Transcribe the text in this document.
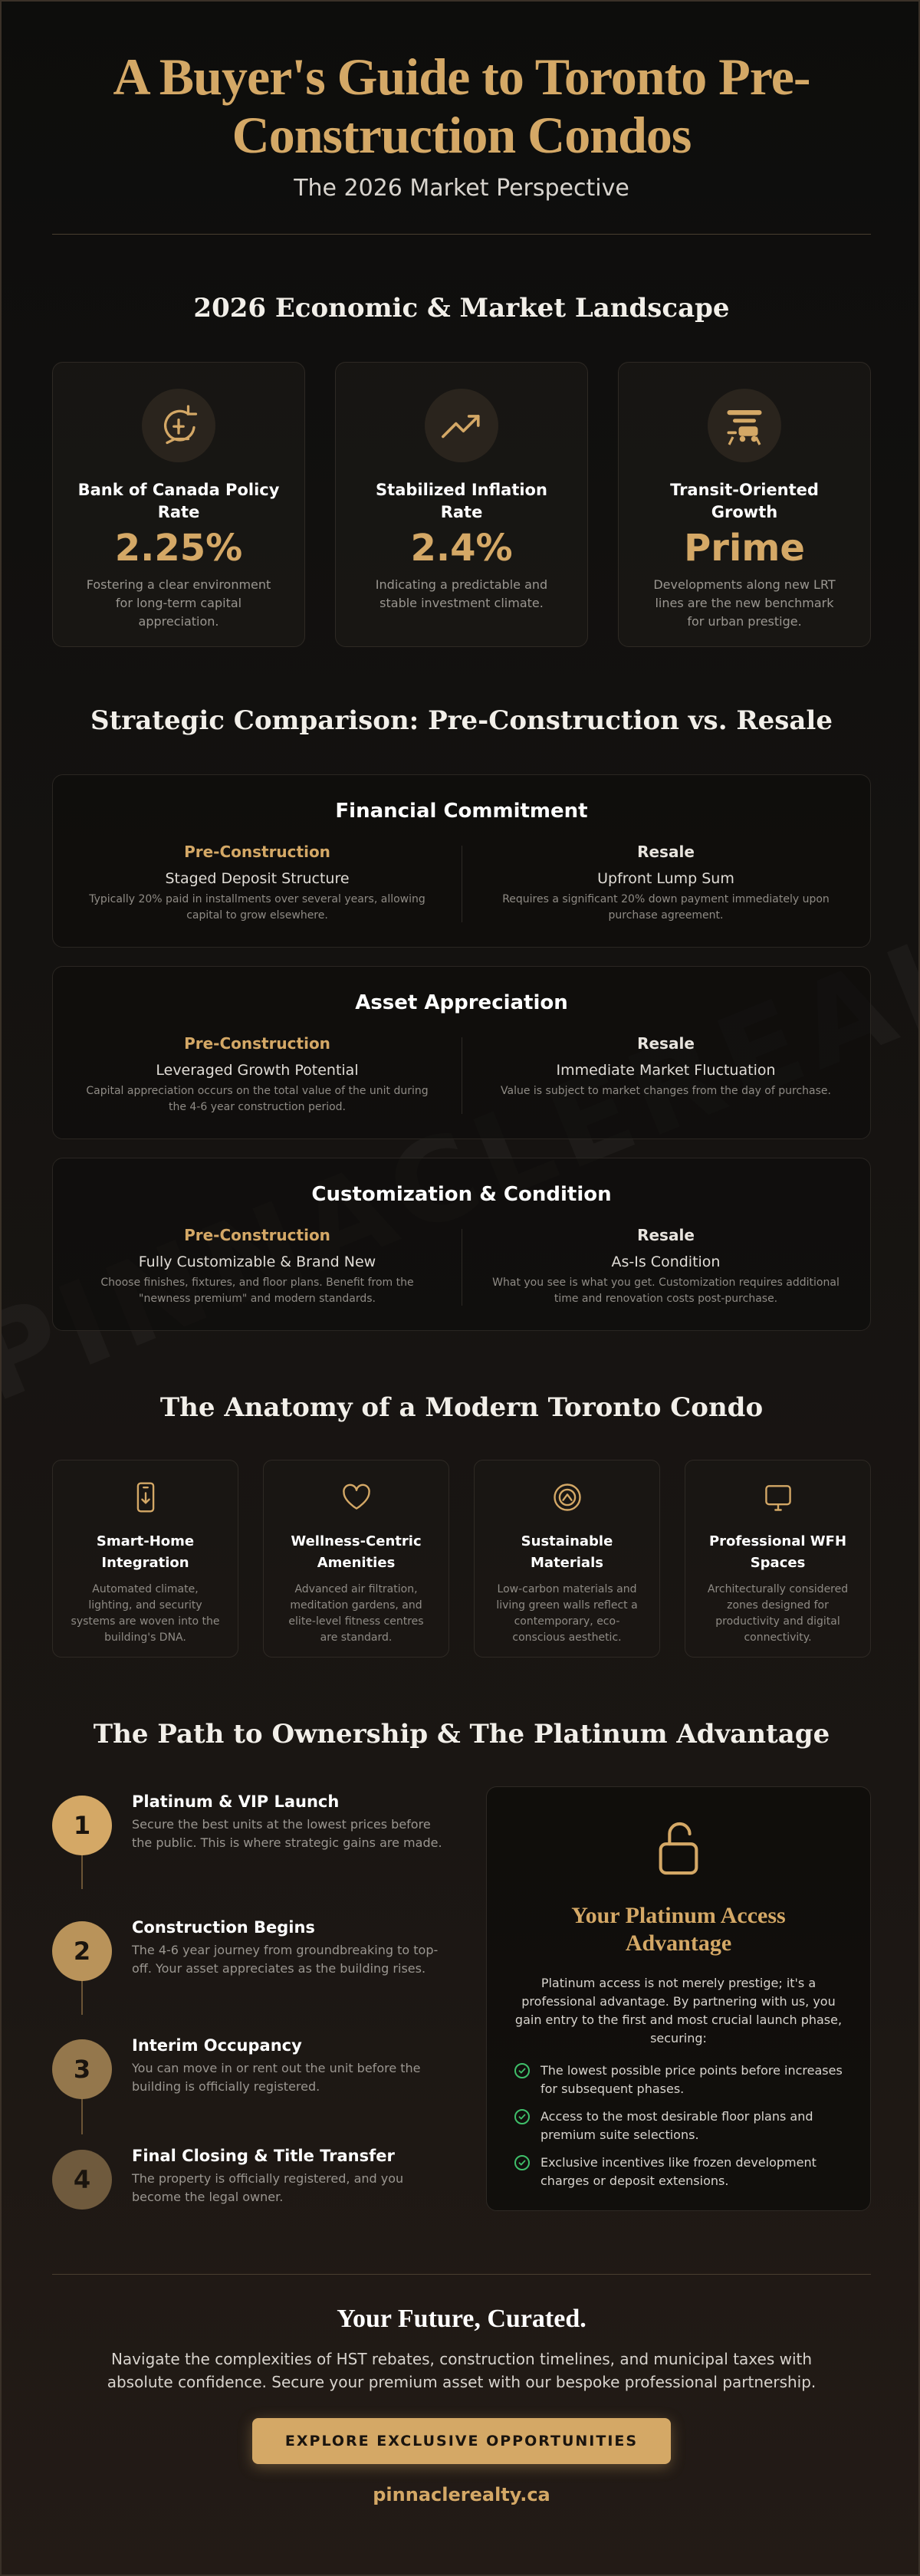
A Buyer's Guide to Toronto Pre-Construction Condos
The 2026 Market Perspective
2026 Economic & Market Landscape
Bank of Canada Policy Rate
2.25%
Fostering a clear environment for long-term capital appreciation.
Stabilized Inflation Rate
2.4%
Indicating a predictable and stable investment climate.
Transit-Oriented Growth
Prime
Developments along new LRT lines are the new benchmark for urban prestige.
Strategic Comparison: Pre-Construction vs. Resale
Financial Commitment
Pre-Construction
Staged Deposit Structure
Typically 20% paid in installments over several years, allowing capital to grow elsewhere.
Resale
Upfront Lump Sum
Requires a significant 20% down payment immediately upon purchase agreement.
Asset Appreciation
Pre-Construction
Leveraged Growth Potential
Capital appreciation occurs on the total value of the unit during the 4-6 year construction period.
Resale
Immediate Market Fluctuation
Value is subject to market changes from the day of purchase.
Customization & Condition
Pre-Construction
Fully Customizable & Brand New
Choose finishes, fixtures, and floor plans. Benefit from the "newness premium" and modern standards.
Resale
As-Is Condition
What you see is what you get. Customization requires additional time and renovation costs post-purchase.
The Anatomy of a Modern Toronto Condo
Smart-Home Integration
Automated climate, lighting, and security systems are woven into the building's DNA.
Wellness-Centric Amenities
Advanced air filtration, meditation gardens, and elite-level fitness centres are standard.
Sustainable Materials
Low-carbon materials and living green walls reflect a contemporary, eco-conscious aesthetic.
Professional WFH Spaces
Architecturally considered zones designed for productivity and digital connectivity.
The Path to Ownership & The Platinum Advantage
1
Platinum & VIP Launch
Secure the best units at the lowest prices before the public. This is where strategic gains are made.
2
Construction Begins
The 4-6 year journey from groundbreaking to top-off. Your asset appreciates as the building rises.
3
Interim Occupancy
You can move in or rent out the unit before the building is officially registered.
4
Final Closing & Title Transfer
The property is officially registered, and you become the legal owner.
Your Platinum Access Advantage
Platinum access is not merely prestige; it's a professional advantage. By partnering with us, you gain entry to the first and most crucial launch phase, securing:
The lowest possible price points before increases for subsequent phases.
Access to the most desirable floor plans and premium suite selections.
Exclusive incentives like frozen development charges or deposit extensions.
Your Future, Curated.
Navigate the complexities of HST rebates, construction timelines, and municipal taxes with absolute confidence. Secure your premium asset with our bespoke professional partnership.
EXPLORE EXCLUSIVE OPPORTUNITIES
pinnaclerealty.ca
